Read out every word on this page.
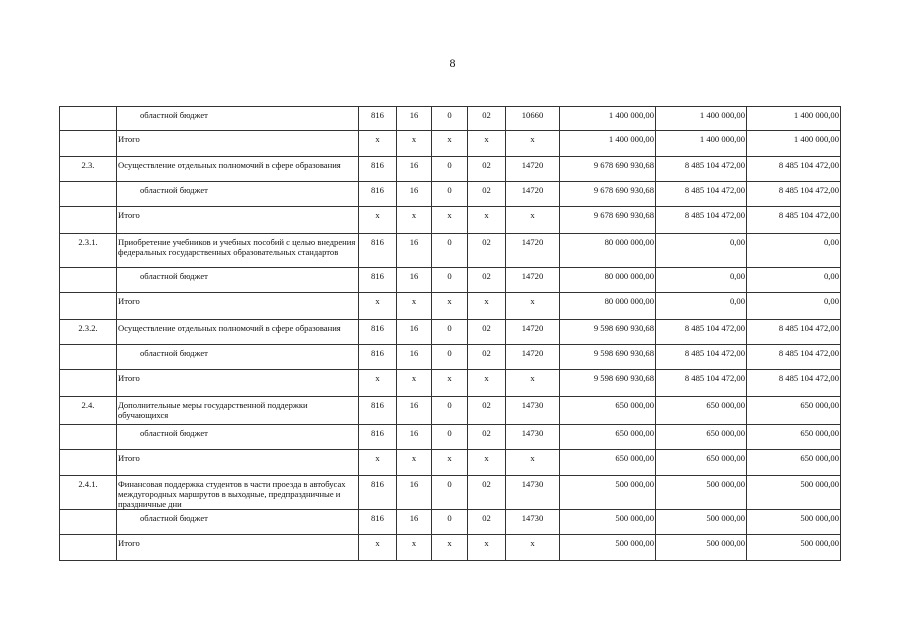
8
	областной бюджет	816	16	0	02	10660	1 400 000,00	1 400 000,00	1 400 000,00
	Итого	x	x	x	x	x	1 400 000,00	1 400 000,00	1 400 000,00
2.3.	Осуществление отдельных полномочий в сфере образования	816	16	0	02	14720	9 678 690 930,68	8 485 104 472,00	8 485 104 472,00
	областной бюджет	816	16	0	02	14720	9 678 690 930,68	8 485 104 472,00	8 485 104 472,00
	Итого	x	x	x	x	x	9 678 690 930,68	8 485 104 472,00	8 485 104 472,00
2.3.1.	Приобретение учебников и учебных пособий с целью внедрения федеральных государственных образовательных стандартов	816	16	0	02	14720	80 000 000,00	0,00	0,00
	областной бюджет	816	16	0	02	14720	80 000 000,00	0,00	0,00
	Итого	x	x	x	x	x	80 000 000,00	0,00	0,00
2.3.2.	Осуществление отдельных полномочий в сфере образования	816	16	0	02	14720	9 598 690 930,68	8 485 104 472,00	8 485 104 472,00
	областной бюджет	816	16	0	02	14720	9 598 690 930,68	8 485 104 472,00	8 485 104 472,00
	Итого	x	x	x	x	x	9 598 690 930,68	8 485 104 472,00	8 485 104 472,00
2.4.	Дополнительные меры государственной поддержки обучающихся	816	16	0	02	14730	650 000,00	650 000,00	650 000,00
	областной бюджет	816	16	0	02	14730	650 000,00	650 000,00	650 000,00
	Итого	x	x	x	x	x	650 000,00	650 000,00	650 000,00
2.4.1.	Финансовая поддержка студентов в части проезда в автобусах междугородных маршрутов в выходные, предпраздничные и праздничные дни	816	16	0	02	14730	500 000,00	500 000,00	500 000,00
	областной бюджет	816	16	0	02	14730	500 000,00	500 000,00	500 000,00
	Итого	x	x	x	x	x	500 000,00	500 000,00	500 000,00
